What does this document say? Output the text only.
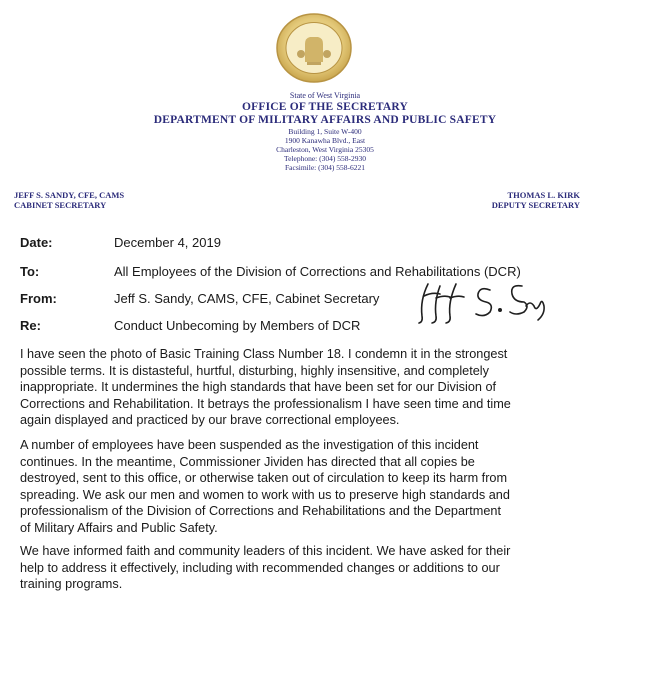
State of West Virginia
OFFICE OF THE SECRETARY
DEPARTMENT OF MILITARY AFFAIRS AND PUBLIC SAFETY
Building 1, Suite W-400
1900 Kanawha Blvd., East
Charleston, West Virginia 25305
Telephone: (304) 558-2930
Facsimile: (304) 558-6221
JEFF S. SANDY, CFE, CAMS
CABINET SECRETARY
THOMAS L. KIRK
DEPUTY SECRETARY
Date:	December 4, 2019
To:	All Employees of the Division of Corrections and Rehabilitations (DCR)
From:	Jeff S. Sandy, CAMS, CFE, Cabinet Secretary
Re:	Conduct Unbecoming by Members of DCR

I have seen the photo of Basic Training Class Number 18. I condemn it in the strongest

possible terms. It is distasteful, hurtful, disturbing, highly insensitive, and completely

inappropriate. It undermines the high standards that have been set for our Division of

Corrections and Rehabilitation. It betrays the professionalism I have seen time and time

again displayed and practiced by our brave correctional employees.

A number of employees have been suspended as the investigation of this incident

continues. In the meantime, Commissioner Jividen has directed that all copies be

destroyed, sent to this office, or otherwise taken out of circulation to keep its harm from

spreading. We ask our men and women to work with us to preserve high standards and

professionalism of the Division of Corrections and Rehabilitations and the Department

of Military Affairs and Public Safety.

We have informed faith and community leaders of this incident. We have asked for their

help to address it effectively, including with recommended changes or additions to our

training programs.
